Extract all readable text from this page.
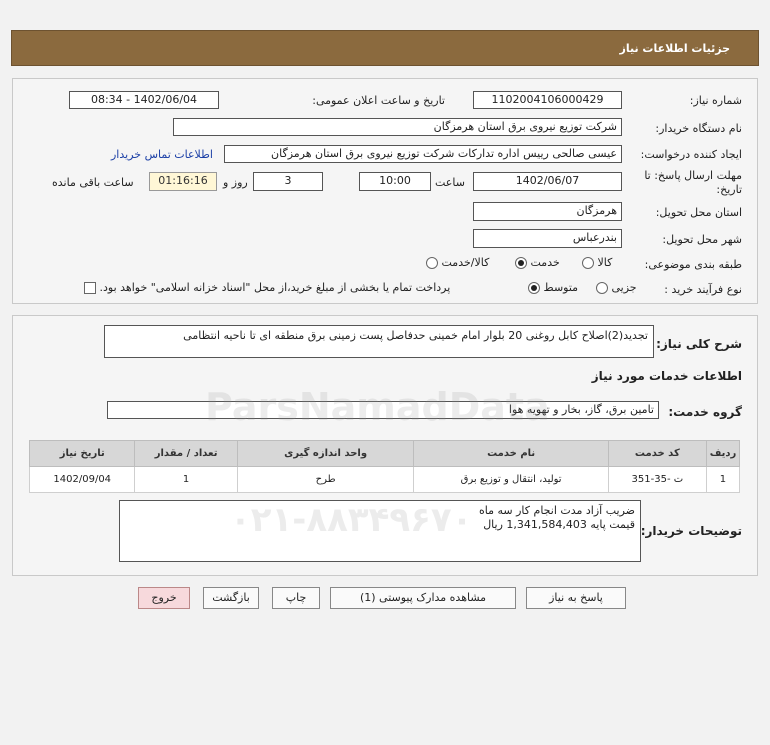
جزئیات اطلاعات نیاز
شماره نیاز:
1102004106000429
تاریخ و ساعت اعلان عمومی:
1402/06/04 - 08:34
نام دستگاه خریدار:
شرکت توزیع نیروی برق استان هرمزگان
ایجاد کننده درخواست:
عیسی صالحی رییس اداره تدارکات شرکت توزیع نیروی برق استان هرمزگان
اطلاعات تماس خریدار
مهلت ارسال پاسخ: تا
تاریخ:
1402/06/07
ساعت
10:00
3
روز و
01:16:16
ساعت باقی مانده
استان محل تحویل:
هرمزگان
شهر محل تحویل:
بندرعباس
طبقه بندی موضوعی:
کالا
خدمت
کالا/خدمت
نوع فرآیند خرید :
جزیی
متوسط
پرداخت تمام یا بخشی از مبلغ خرید،از محل "اسناد خزانه اسلامی" خواهد بود.
شرح کلی نیاز:
تجدید(2)اصلاح کابل روغنی 20 بلوار امام خمینی حدفاصل پست زمینی برق منطقه ای تا ناحیه انتظامی
اطلاعات خدمات مورد نیاز
گروه خدمت:
تامین برق، گاز، بخار و تهویه هوا
ردیف	کد خدمت	نام خدمت	واحد اندازه گیری	تعداد / مقدار	تاریخ نیاز
1	ت -35-351	تولید، انتقال و توزیع برق	طرح	1	1402/09/04
توضیحات خریدار:
ضریب آزاد مدت انجام کار سه ماه
قیمت پایه 1,341,584,403 ریال
پاسخ به نیاز
مشاهده مدارک پیوستی (1)
چاپ
بازگشت
خروج
